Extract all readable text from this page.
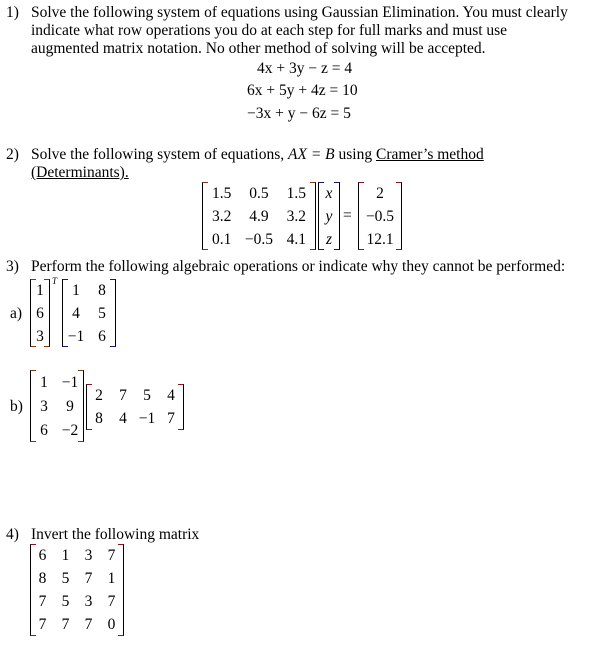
1) Solve the following system of equations using Gaussian Elimination. You must clearly
indicate what row operations you do at each step for full marks and must use
augmented matrix notation. No other method of solving will be accepted.
4x + 3y − z = 4
6x + 5y + 4z = 10
−3x + y − 6z = 5
2) Solve the following system of equations, AX = B using Cramer’s method
(Determinants).
1.5 0.5 1.5
3.2 4.9 3.2
0.1 −0.5 4.1
x
y
z
=
2
−0.5
12.1
3) Perform the following algebraic operations or indicate why they cannot be performed:
a)
1
6
3
T
1 8
4 5
−1 6
b)
1 −1
3 9
6 −2
2 7 5 4
8 4 −1 7
4) Invert the following matrix
6 1 3 7
8 5 7 1
7 5 3 7
7 7 7 0
